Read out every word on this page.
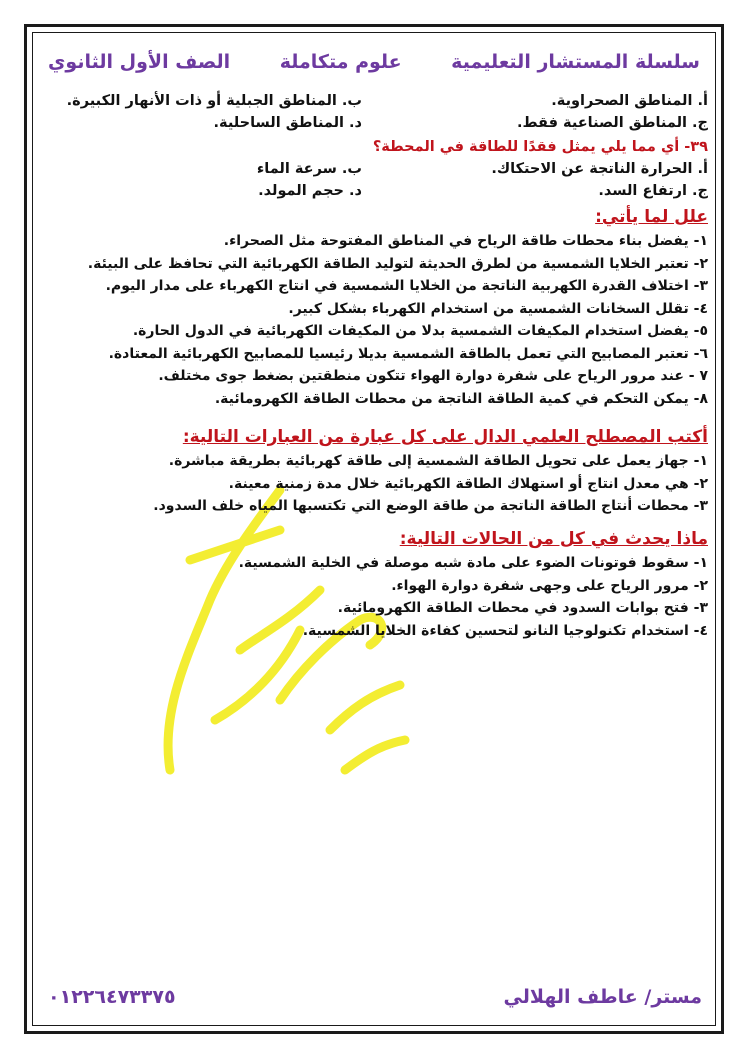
سلسلة المستشار التعليمية
علوم متكاملة
الصف الأول الثانوي
أ. المناطق الصحراوية.
ب. المناطق الجبلية أو ذات الأنهار الكبيرة.
ج. المناطق الصناعية فقط.
د. المناطق الساحلية.
٣٩- أي مما يلي يمثل فقدًا للطاقة في المحطة؟
أ. الحرارة الناتجة عن الاحتكاك.
ب. سرعة الماء
ج. ارتفاع السد.
د. حجم المولد.
علل لما يأتي:
١- يفضل بناء محطات طاقة الرياح في المناطق المفتوحة مثل الصحراء.
٢- تعتبر الخلايا الشمسية من لطرق الحديثة لتوليد الطاقة الكهربائية التي تحافظ على البيئة.
٣- اختلاف القدرة الكهربية الناتجة من الخلايا الشمسية في انتاج الكهرباء على مدار اليوم.
٤- تقلل السخانات الشمسية من استخدام الكهرباء بشكل كبير.
٥- يفضل استخدام المكيفات الشمسية بدلا من المكيفات الكهربائية في الدول الحارة.
٦- تعتبر المصابيح التي تعمل بالطاقة الشمسية بديلا رئيسيا للمصابيح الكهربائية المعتادة.
٧ - عند مرور الرياح على شفرة دوارة الهواء تتكون منطقتين بضغط جوى مختلف.
٨- يمكن التحكم في كمية الطاقة الناتجة من محطات الطاقة الكهرومائية.
أكتب المصطلح العلمي الدال على كل عبارة من العبارات التالية:
١- جهاز يعمل على تحويل الطاقة الشمسية إلى طاقة كهربائية بطريقة مباشرة.
٢- هي معدل انتاج أو استهلاك الطاقة الكهربائية خلال مدة زمنية معينة.
٣- محطات أنتاج الطاقة الناتجة من طاقة الوضع التي تكتسبها المياه خلف السدود.
ماذا يحدث في كل من الحالات التالية:
١- سقوط فوتونات الضوء على مادة شبه موصلة في الخلية الشمسية.
٢- مرور الرياح على وجهى شفرة دوارة الهواء.
٣- فتح بوابات السدود في محطات الطاقة الكهرومائية.
٤- استخدام تكنولوجيا النانو لتحسين كفاءة الخلايا الشمسية.
مستر/ عاطف الهلالي
٠١٢٢٦٤٧٣٣٧٥
